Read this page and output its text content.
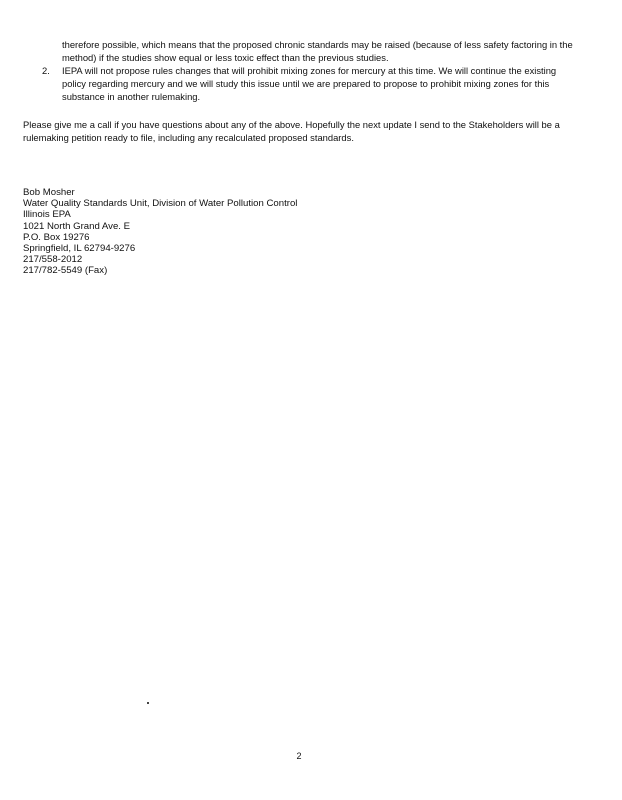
therefore possible, which means that the proposed chronic standards may be raised (because of less safety factoring in the method) if the studies show equal or less toxic effect than the previous studies.
2.	IEPA will not propose rules changes that will prohibit mixing zones for mercury at this time. We will continue the existing policy regarding mercury and we will study this issue until we are prepared to propose to prohibit mixing zones for this substance in another rulemaking.
Please give me a call if you have questions about any of the above. Hopefully the next update I send to the Stakeholders will be a rulemaking petition ready to file, including any recalculated proposed standards.
Bob Mosher
Water Quality Standards Unit, Division of Water Pollution Control
Illinois EPA
1021 North Grand Ave. E
P.O. Box 19276
Springfield, IL 62794-9276
217/558-2012
217/782-5549 (Fax)
2
